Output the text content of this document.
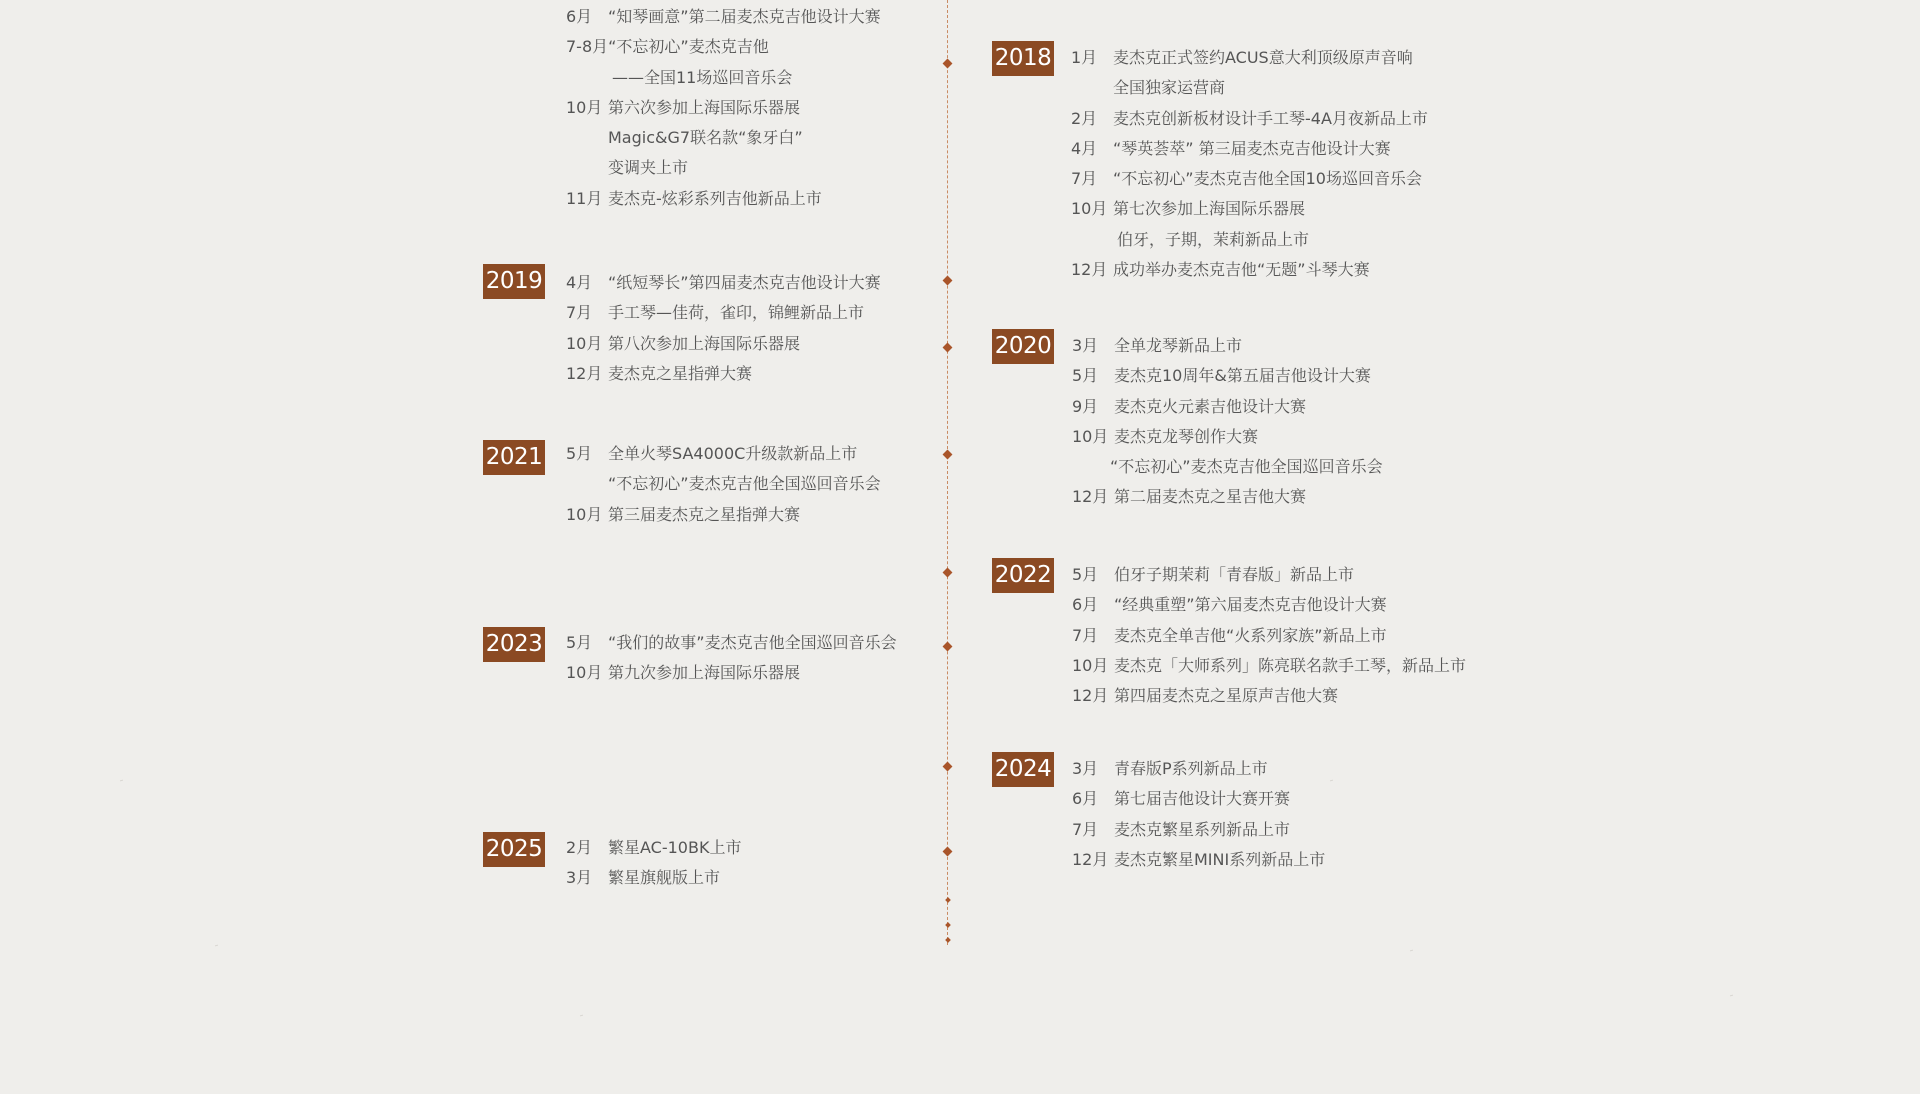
6月 “知琴画意”第二届麦杰克吉他设计大赛
7-8月“不忘初心”麦杰克吉他
——全国11场巡回音乐会
10月 第六次参加上海国际乐器展
Magic&G7联名款“象牙白”
变调夹上市
11月 麦杰克-炫彩系列吉他新品上市
2018 1月 麦杰克正式签约ACUS意大利顶级原声音响
全国独家运营商
2月 麦杰克创新板材设计手工琴-4A月夜新品上市
4月 “琴英荟萃” 第三届麦杰克吉他设计大赛
7月 “不忘初心”麦杰克吉他全国10场巡回音乐会
10月 第七次参加上海国际乐器展
伯牙，子期，茉莉新品上市
12月 成功举办麦杰克吉他“无题”斗琴大赛
2019 4月 “纸短琴长”第四届麦杰克吉他设计大赛
7月 手工琴—佳荷，雀印，锦鲤新品上市
10月 第八次参加上海国际乐器展
12月 麦杰克之星指弹大赛
2020 3月 全单龙琴新品上市
5月 麦杰克10周年&第五届吉他设计大赛
9月 麦杰克火元素吉他设计大赛
10月 麦杰克龙琴创作大赛
“不忘初心”麦杰克吉他全国巡回音乐会
12月 第二届麦杰克之星吉他大赛
2021 5月 全单火琴SA4000C升级款新品上市
“不忘初心”麦杰克吉他全国巡回音乐会
10月 第三届麦杰克之星指弹大赛
2022 5月 伯牙子期茉莉「青春版」新品上市
6月 “经典重塑”第六届麦杰克吉他设计大赛
7月 麦杰克全单吉他“火系列家族”新品上市
10月 麦杰克「大师系列」陈亮联名款手工琴，新品上市
12月 第四届麦杰克之星原声吉他大赛
2023 5月 “我们的故事”麦杰克吉他全国巡回音乐会
10月 第九次参加上海国际乐器展
2024 3月 青春版P系列新品上市
6月 第七届吉他设计大赛开赛
7月 麦杰克繁星系列新品上市
12月 麦杰克繁星MINI系列新品上市
2025 2月 繁星AC-10BK上市
3月 繁星旗舰版上市
